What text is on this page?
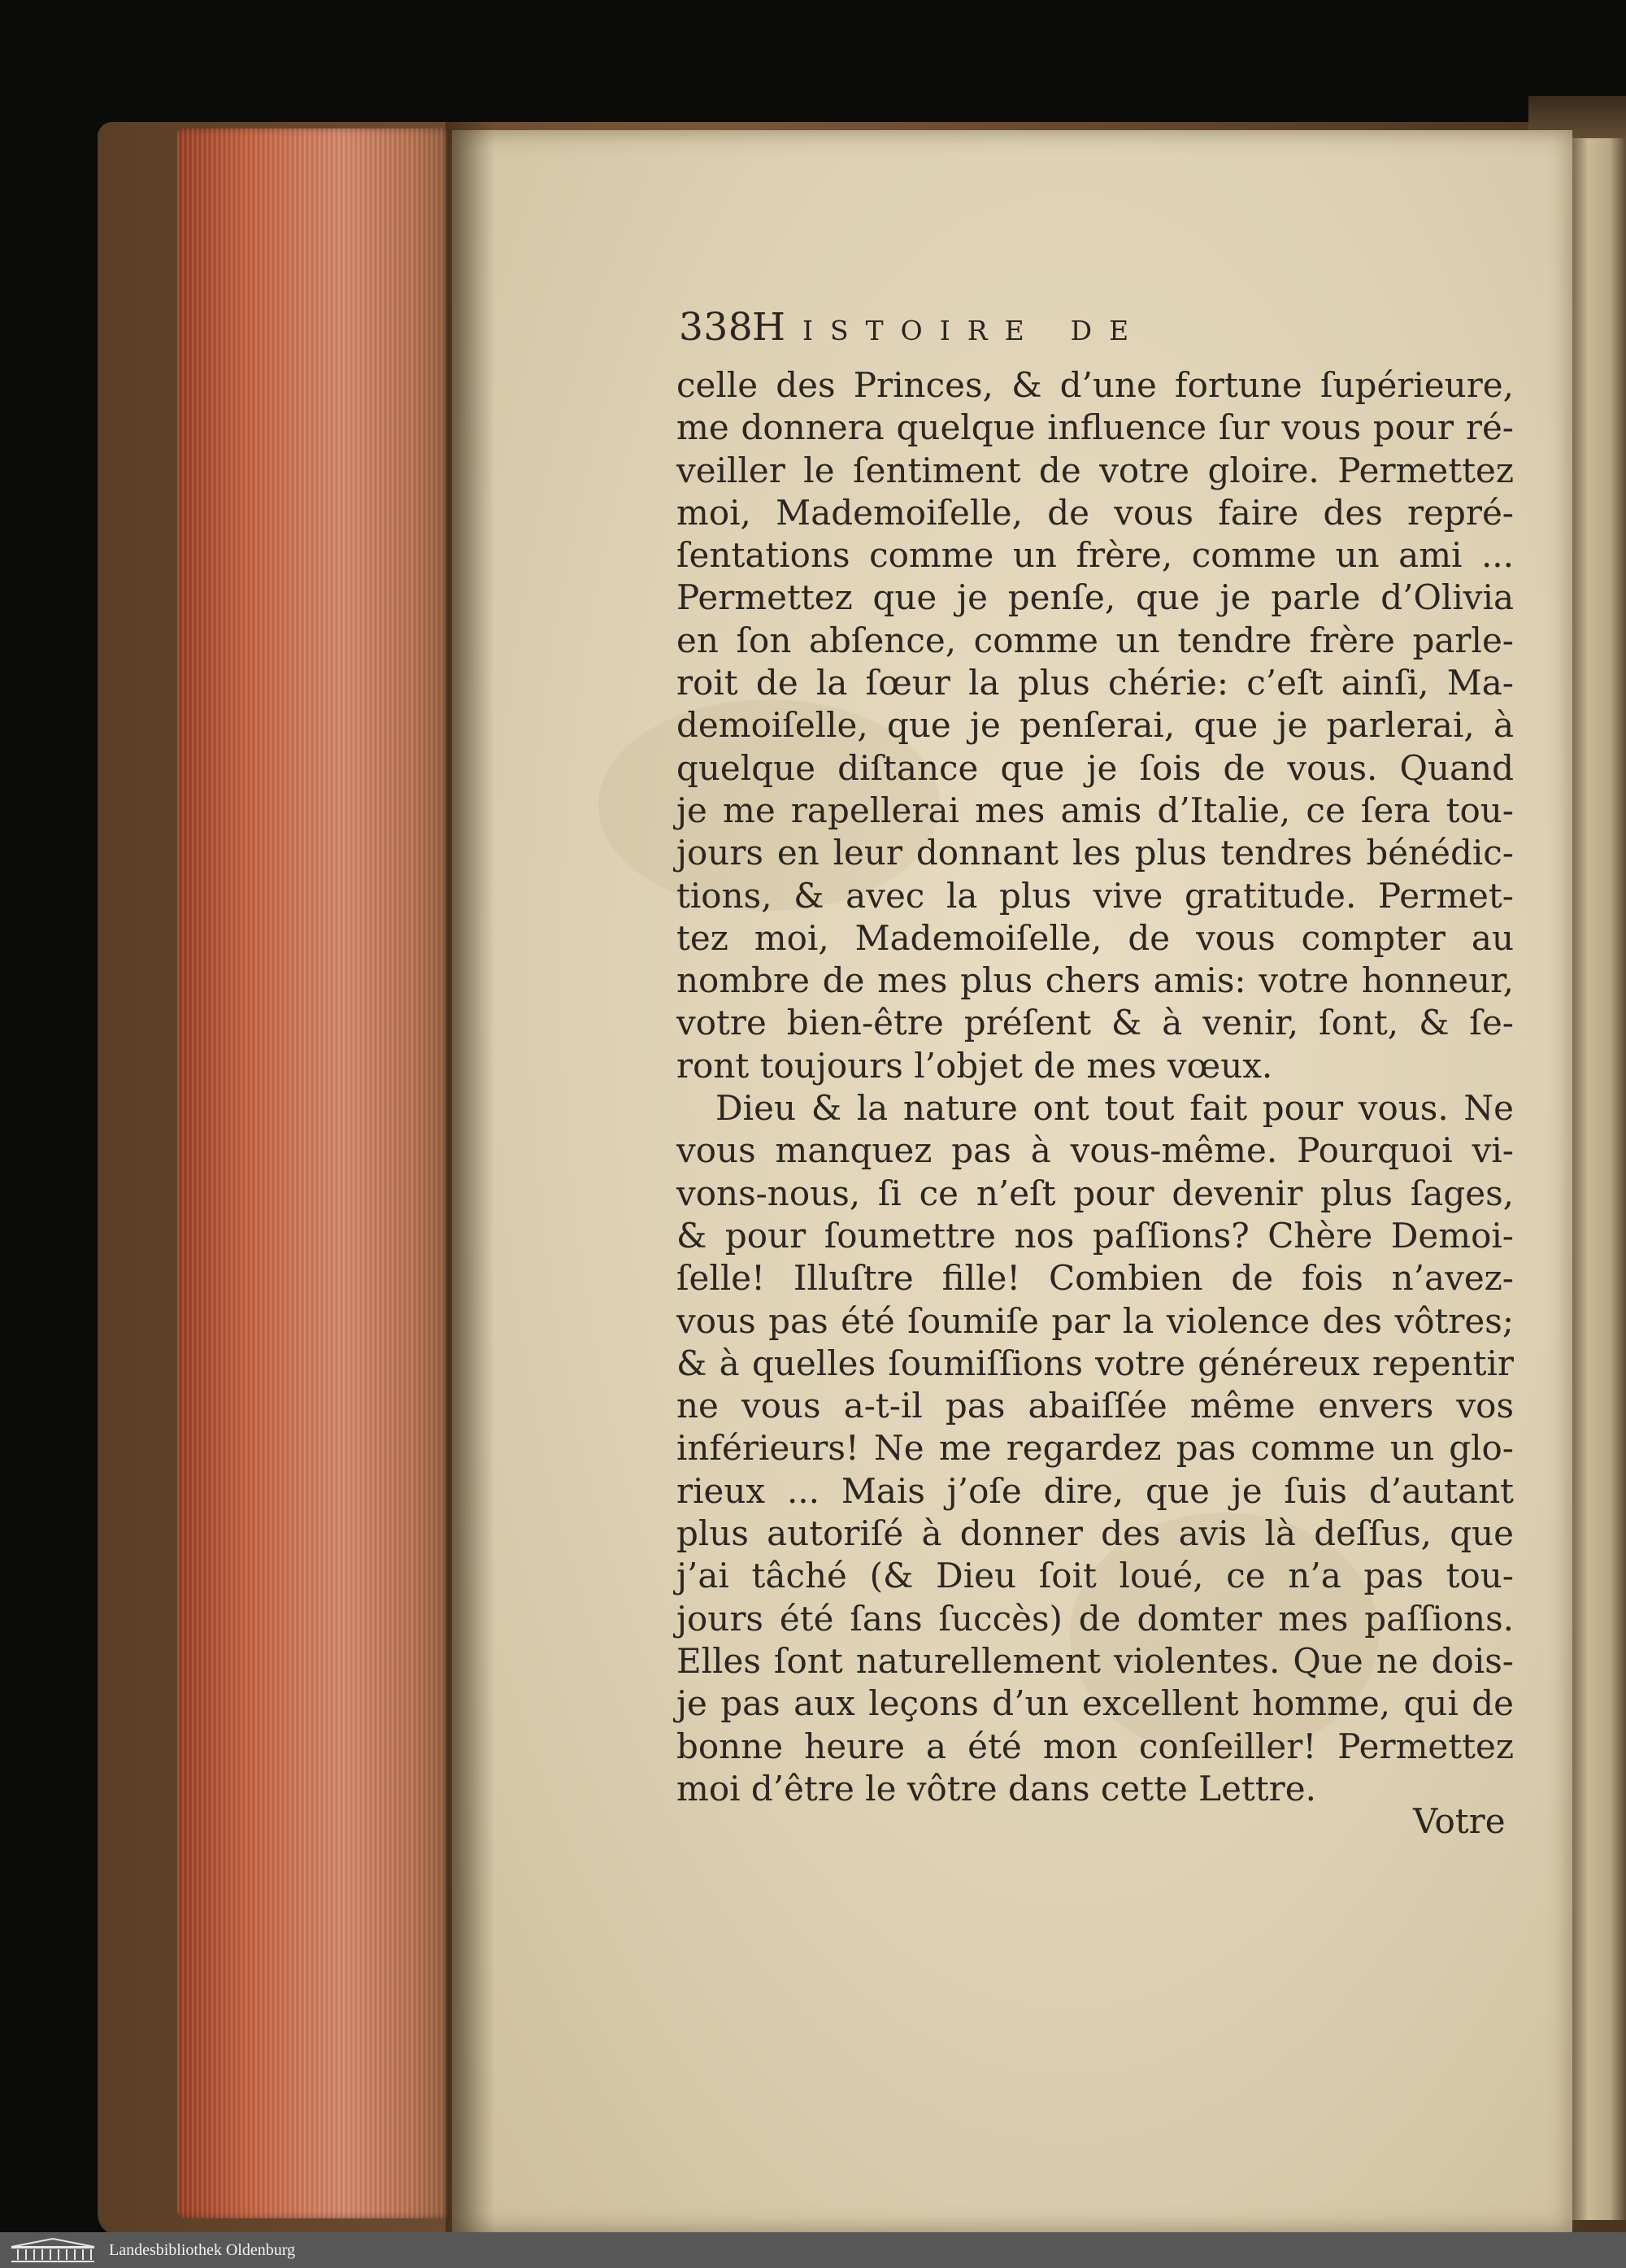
338
Histoire de
celle des Princes, & d’une fortune ſupérieure,
me donnera quelque influence ſur vous pour ré-
veiller le ſentiment de votre gloire. Permettez
moi, Mademoiſelle, de vous faire des repré-
ſentations comme un frère, comme un ami ...
Permettez que je penſe, que je parle d’Olivia
en ſon abſence, comme un tendre frère parle-
roit de la ſœur la plus chérie: c’eſt ainſi, Ma-
demoiſelle, que je penſerai, que je parlerai, à
quelque diſtance que je ſois de vous. Quand
je me rapellerai mes amis d’Italie, ce ſera tou-
jours en leur donnant les plus tendres bénédic-
tions, & avec la plus vive gratitude. Permet-
tez moi, Mademoiſelle, de vous compter au
nombre de mes plus chers amis: votre honneur,
votre bien-être préſent & à venir, ſont, & ſe-
ront toujours l’objet de mes vœux.
Dieu & la nature ont tout fait pour vous. Ne
vous manquez pas à vous-même. Pourquoi vi-
vons-nous, ſi ce n’eſt pour devenir plus ſages,
& pour ſoumettre nos paſſions? Chère Demoi-
ſelle! Illuſtre fille! Combien de fois n’avez-
vous pas été ſoumiſe par la violence des vôtres;
& à quelles ſoumiſſions votre généreux repentir
ne vous a-t-il pas abaiſſée même envers vos
inférieurs! Ne me regardez pas comme un glo-
rieux ... Mais j’oſe dire, que je ſuis d’autant
plus autoriſé à donner des avis là deſſus, que
j’ai tâché (& Dieu ſoit loué, ce n’a pas tou-
jours été ſans ſuccès) de domter mes paſſions.
Elles ſont naturellement violentes. Que ne dois-
je pas aux leçons d’un excellent homme, qui de
bonne heure a été mon conſeiller! Permettez
moi d’être le vôtre dans cette Lettre.
Votre
Landesbibliothek Oldenburg
